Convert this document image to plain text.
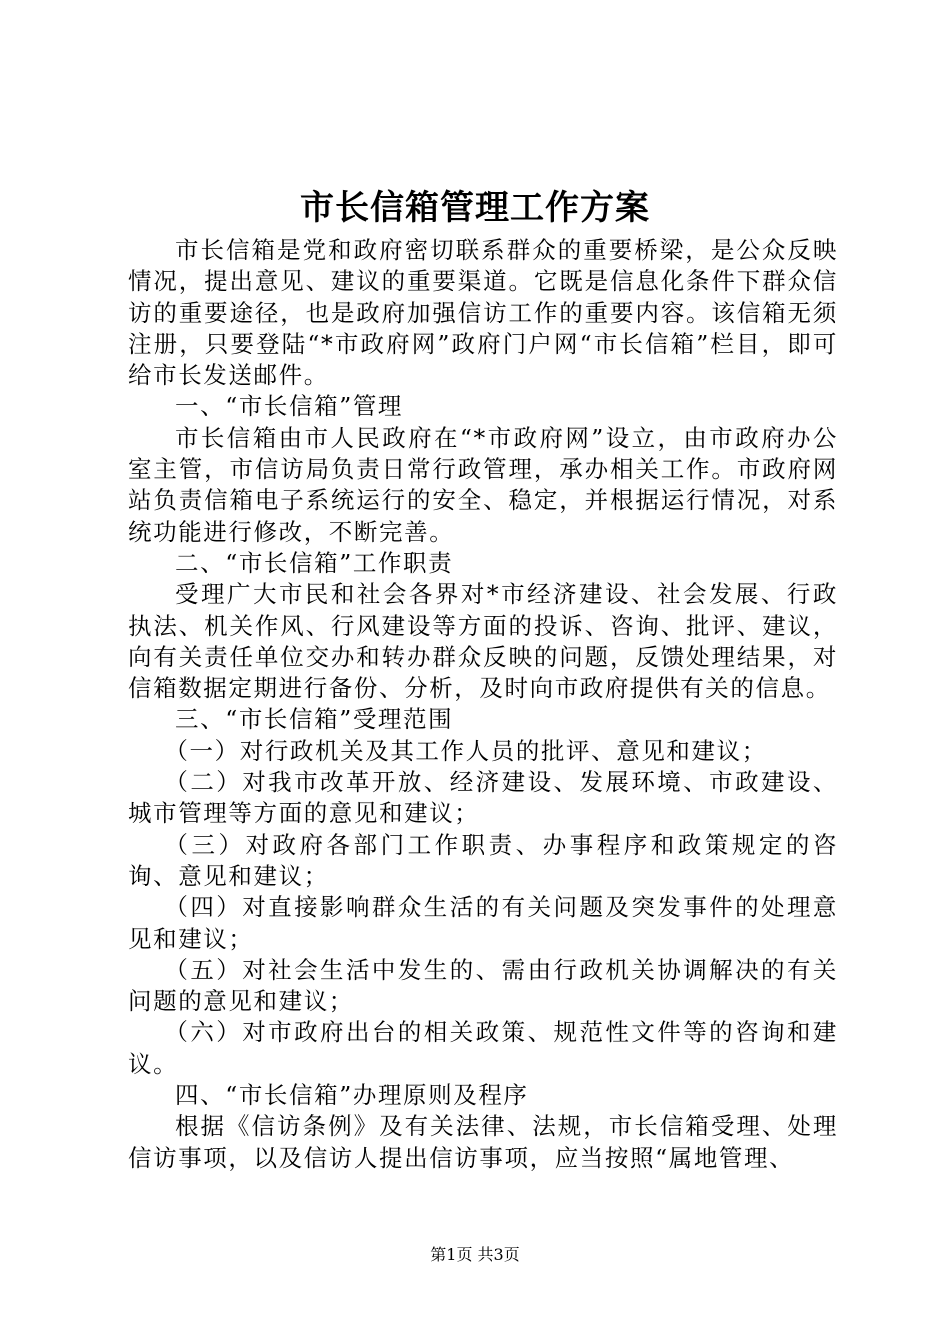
市长信箱管理工作方案

市长信箱是党和政府密切联系群众的重要桥梁，是公众反映情况，提出意见、建议的重要渠道。它既是信息化条件下群众信访的重要途径，也是政府加强信访工作的重要内容。该信箱无须注册，只要登陆“*市政府网”政府门户网“市长信箱”栏目，即可给市长发送邮件。

一、“市长信箱”管理

市长信箱由市人民政府在“*市政府网”设立，由市政府办公室主管，市信访局负责日常行政管理，承办相关工作。市政府网站负责信箱电子系统运行的安全、稳定，并根据运行情况，对系统功能进行修改，不断完善。

二、“市长信箱”工作职责

受理广大市民和社会各界对*市经济建设、社会发展、行政执法、机关作风、行风建设等方面的投诉、咨询、批评、建议，向有关责任单位交办和转办群众反映的问题，反馈处理结果，对信箱数据定期进行备份、分析，及时向市政府提供有关的信息。

三、“市长信箱”受理范围

（一）对行政机关及其工作人员的批评、意见和建议；

（二）对我市改革开放、经济建设、发展环境、市政建设、城市管理等方面的意见和建议；

（三）对政府各部门工作职责、办事程序和政策规定的咨询、意见和建议；

（四）对直接影响群众生活的有关问题及突发事件的处理意见和建议；

（五）对社会生活中发生的、需由行政机关协调解决的有关问题的意见和建议；

（六）对市政府出台的相关政策、规范性文件等的咨询和建议。

四、“市长信箱”办理原则及程序

根据《信访条例》及有关法律、法规，市长信箱受理、处理信访事项，以及信访人提出信访事项，应当按照“属地管理、

第1页 共3页
